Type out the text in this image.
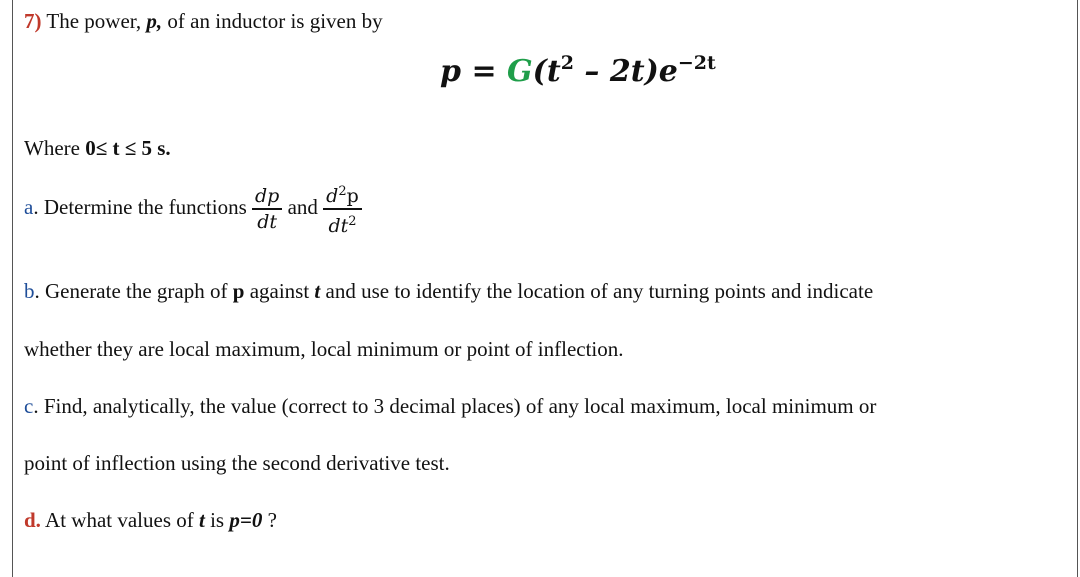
7) The power, p, of an inductor is given by
$p = G(t^2 - 2t)e^{-2t}$
Where 0≤ t ≤ 5 s.
a. Determine the functions $\frac{dp}{dt}$ and $\frac{d^2p}{dt^2}$
b. Generate the graph of p against t and use to identify the location of any turning points and indicate
whether they are local maximum, local minimum or point of inflection.
c. Find, analytically, the value (correct to 3 decimal places) of any local maximum, local minimum or
point of inflection using the second derivative test.
d. At what values of t is p=0 ?
